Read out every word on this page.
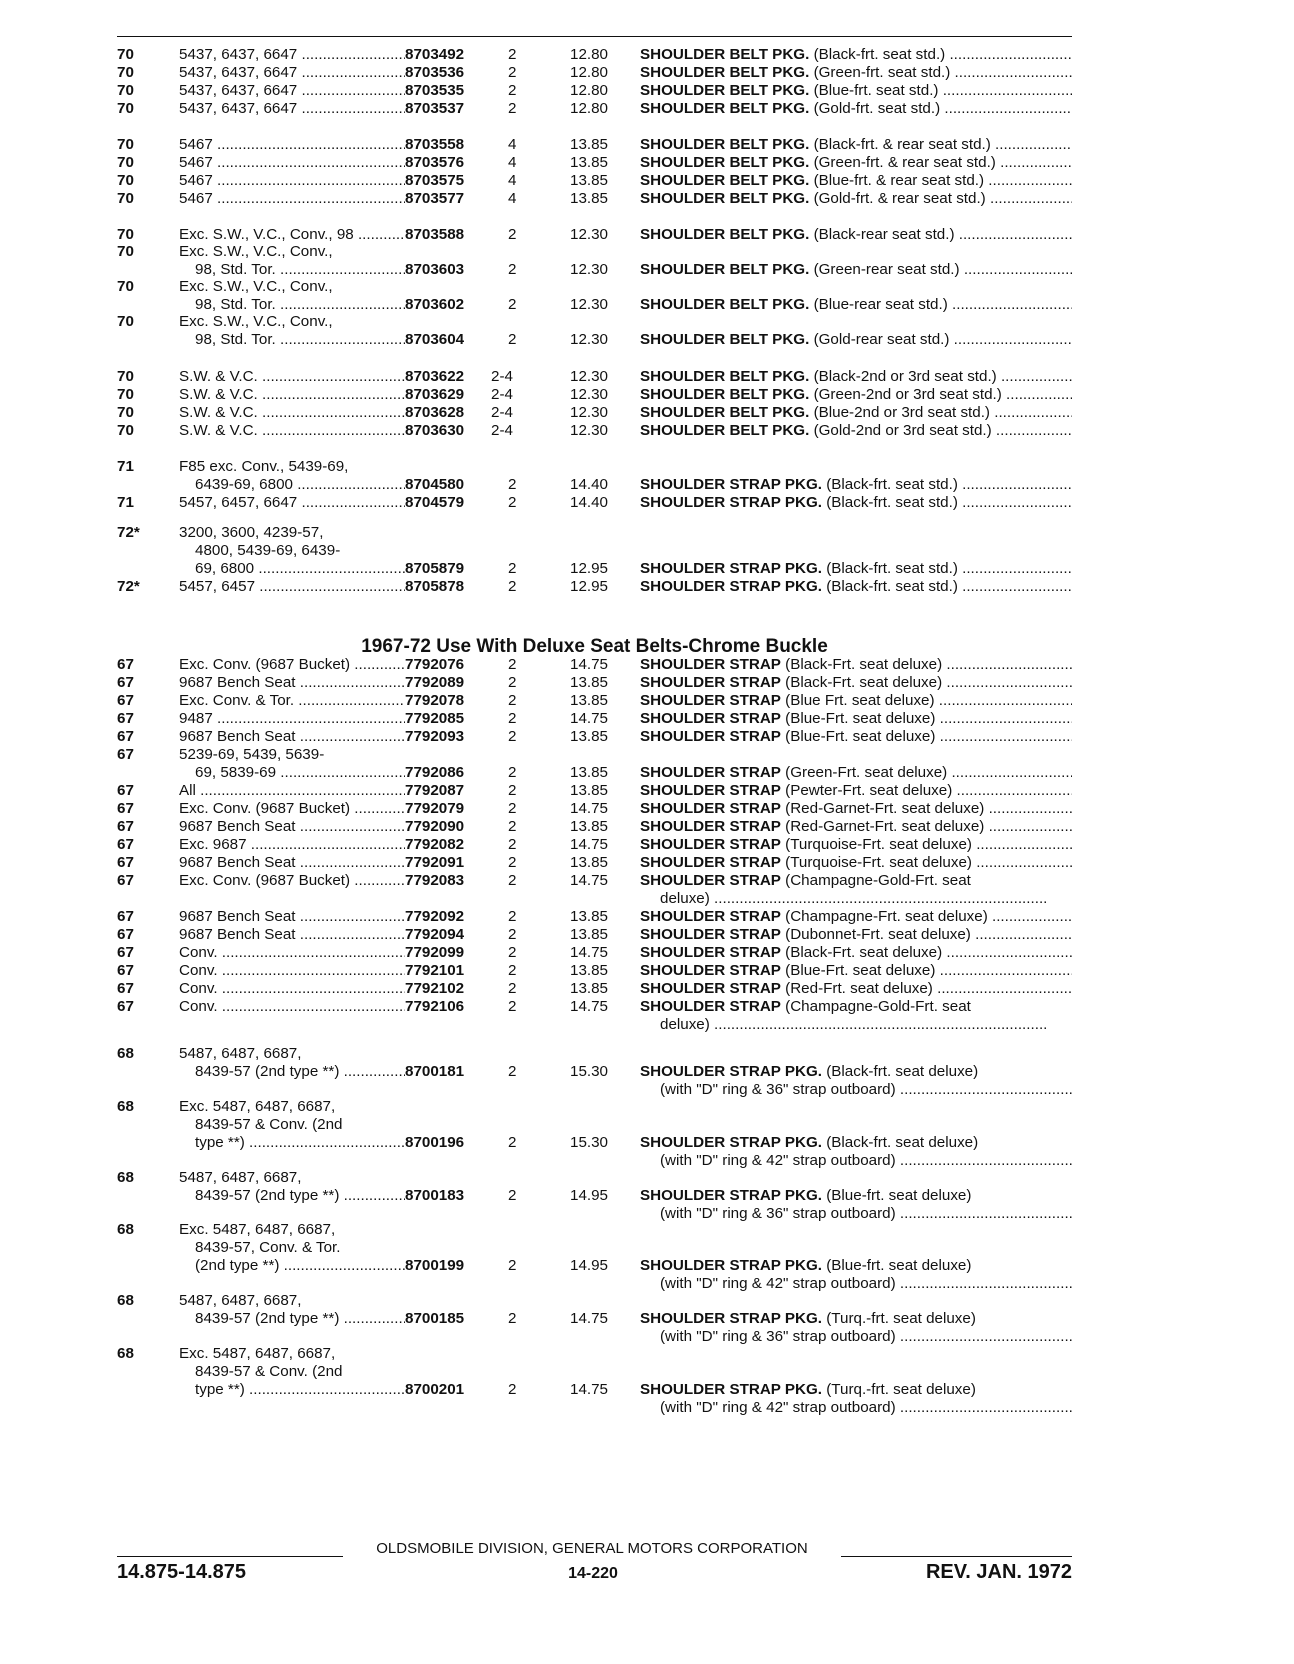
70	5437, 6437, 6647 .....	8703492	2	12.80 SHOULDER BELT PKG. (Black-frt. seat std.) .....
70	5437, 6437, 6647 .....	8703536	2	12.80 SHOULDER BELT PKG. (Green-frt. seat std.) .....
70	5437, 6437, 6647 .....	8703535	2	12.80 SHOULDER BELT PKG. (Blue-frt. seat std.) .....
70	5437, 6437, 6647 .....	8703537	2	12.80 SHOULDER BELT PKG. (Gold-frt. seat std.) .....
70	5467 .....	8703558	4	13.85 SHOULDER BELT PKG. (Black-frt. & rear seat std.) .....
70	5467 .....	8703576	4	13.85 SHOULDER BELT PKG. (Green-frt. & rear seat std.) .....
70	5467 .....	8703575	4	13.85 SHOULDER BELT PKG. (Blue-frt. & rear seat std.) .....
70	5467 .....	8703577	4	13.85 SHOULDER BELT PKG. (Gold-frt. & rear seat std.) .....
70	Exc. S.W., V.C., Conv., 98 .....	8703588	2	12.30 SHOULDER BELT PKG. (Black-rear seat std.) .....
70	Exc. S.W., V.C., Conv.,
98, Std. Tor. .....	8703603	2	12.30 SHOULDER BELT PKG. (Green-rear seat std.) .....
70	Exc. S.W., V.C., Conv.,
98, Std. Tor. .....	8703602	2	12.30 SHOULDER BELT PKG. (Blue-rear seat std.) .....
70	Exc. S.W., V.C., Conv.,
98, Std. Tor. .....	8703604	2	12.30 SHOULDER BELT PKG. (Gold-rear seat std.) .....
70	S.W. & V.C. .....	8703622 2-4	12.30 SHOULDER BELT PKG. (Black-2nd or 3rd seat std.) .....
70	S.W. & V.C. .....	8703629 2-4	12.30 SHOULDER BELT PKG. (Green-2nd or 3rd seat std.) .....
70	S.W. & V.C. .....	8703628 2-4	12.30 SHOULDER BELT PKG. (Blue-2nd or 3rd seat std.) .....
70	S.W. & V.C. .....	8703630 2-4	12.30 SHOULDER BELT PKG. (Gold-2nd or 3rd seat std.) .....
71	F85 exc. Conv., 5439-69,
6439-69, 6800 .....	8704580	2	14.40 SHOULDER STRAP PKG. (Black-frt. seat std.) .....
71	5457, 6457, 6647 .....	8704579	2	14.40 SHOULDER STRAP PKG. (Black-frt. seat std.) .....
72*	3200, 3600, 4239-57,
4800, 5439-69, 6439-
69, 6800 .....	8705879	2	12.95 SHOULDER STRAP PKG. (Black-frt. seat std.) .....
72*	5457, 6457 .....	8705878	2	12.95 SHOULDER STRAP PKG. (Black-frt. seat std.) .....
67	Exc. Conv. (9687 Bucket) .....	7792076	2	14.75 SHOULDER STRAP (Black-Frt. seat deluxe) .....
67	9687 Bench Seat .....	7792089	2	13.85 SHOULDER STRAP (Black-Frt. seat deluxe) .....
67	Exc. Conv. & Tor. .....	7792078	2	13.85 SHOULDER STRAP (Blue Frt. seat deluxe) .....
67	9487 .....	7792085	2	14.75 SHOULDER STRAP (Blue-Frt. seat deluxe) .....
67	9687 Bench Seat .....	7792093	2	13.85 SHOULDER STRAP (Blue-Frt. seat deluxe) .....
67	5239-69, 5439, 5639-
69, 5839-69 .....	7792086	2	13.85 SHOULDER STRAP (Green-Frt. seat deluxe) .....
67	All .....	7792087	2	13.85 SHOULDER STRAP (Pewter-Frt. seat deluxe) .....
67	Exc. Conv. (9687 Bucket) .....	7792079	2	14.75 SHOULDER STRAP (Red-Garnet-Frt. seat deluxe) .....
67	9687 Bench Seat .....	7792090	2	13.85 SHOULDER STRAP (Red-Garnet-Frt. seat deluxe) .....
67	Exc. 9687 .....	7792082	2	14.75 SHOULDER STRAP (Turquoise-Frt. seat deluxe) .....
67	9687 Bench Seat .....	7792091	2	13.85 SHOULDER STRAP (Turquoise-Frt. seat deluxe) .....
67	Exc. Conv. (9687 Bucket) .....	7792083	2	14.75 SHOULDER STRAP (Champagne-Gold-Frt. seat
deluxe) .....
67	9687 Bench Seat .....	7792092	2	13.85 SHOULDER STRAP (Champagne-Frt. seat deluxe) .....
67	9687 Bench Seat .....	7792094	2	13.85 SHOULDER STRAP (Dubonnet-Frt. seat deluxe) .....
67	Conv. .....	7792099	2	14.75 SHOULDER STRAP (Black-Frt. seat deluxe) .....
67	Conv. .....	7792101	2	13.85 SHOULDER STRAP (Blue-Frt. seat deluxe) .....
67	Conv. .....	7792102	2	13.85 SHOULDER STRAP (Red-Frt. seat deluxe) .....
67	Conv. .....	7792106	2	14.75 SHOULDER STRAP (Champagne-Gold-Frt. seat
deluxe) .....
68	5487, 6487, 6687,
8439-57 (2nd type **) .....	8700181	2	15.30 SHOULDER STRAP PKG. (Black-frt. seat deluxe)
(with "D" ring & 36" strap outboard) .....
68	Exc. 5487, 6487, 6687,
8439-57 & Conv. (2nd
type **) .....	8700196	2	15.30 SHOULDER STRAP PKG. (Black-frt. seat deluxe)
(with "D" ring & 42" strap outboard) .....
68	5487, 6487, 6687,
8439-57 (2nd type **) .....	8700183	2	14.95 SHOULDER STRAP PKG. (Blue-frt. seat deluxe)
(with "D" ring & 36" strap outboard) .....
68	Exc. 5487, 6487, 6687,
8439-57, Conv. & Tor.
(2nd type **) .....	8700199	2	14.95 SHOULDER STRAP PKG. (Blue-frt. seat deluxe)
(with "D" ring & 42" strap outboard) .....
68	5487, 6487, 6687,
8439-57 (2nd type **) .....	8700185	2	14.75 SHOULDER STRAP PKG. (Turq.-frt. seat deluxe)
(with "D" ring & 36" strap outboard) .....
68	Exc. 5487, 6487, 6687,
8439-57 & Conv. (2nd
type **) .....	8700201	2	14.75 SHOULDER STRAP PKG. (Turq.-frt. seat deluxe)
(with "D" ring & 42" strap outboard) .....
1967-72 Use With Deluxe Seat Belts-Chrome Buckle
OLDSMOBILE DIVISION, GENERAL MOTORS CORPORATION
14.875-14.875	14-220	REV. JAN. 1972
